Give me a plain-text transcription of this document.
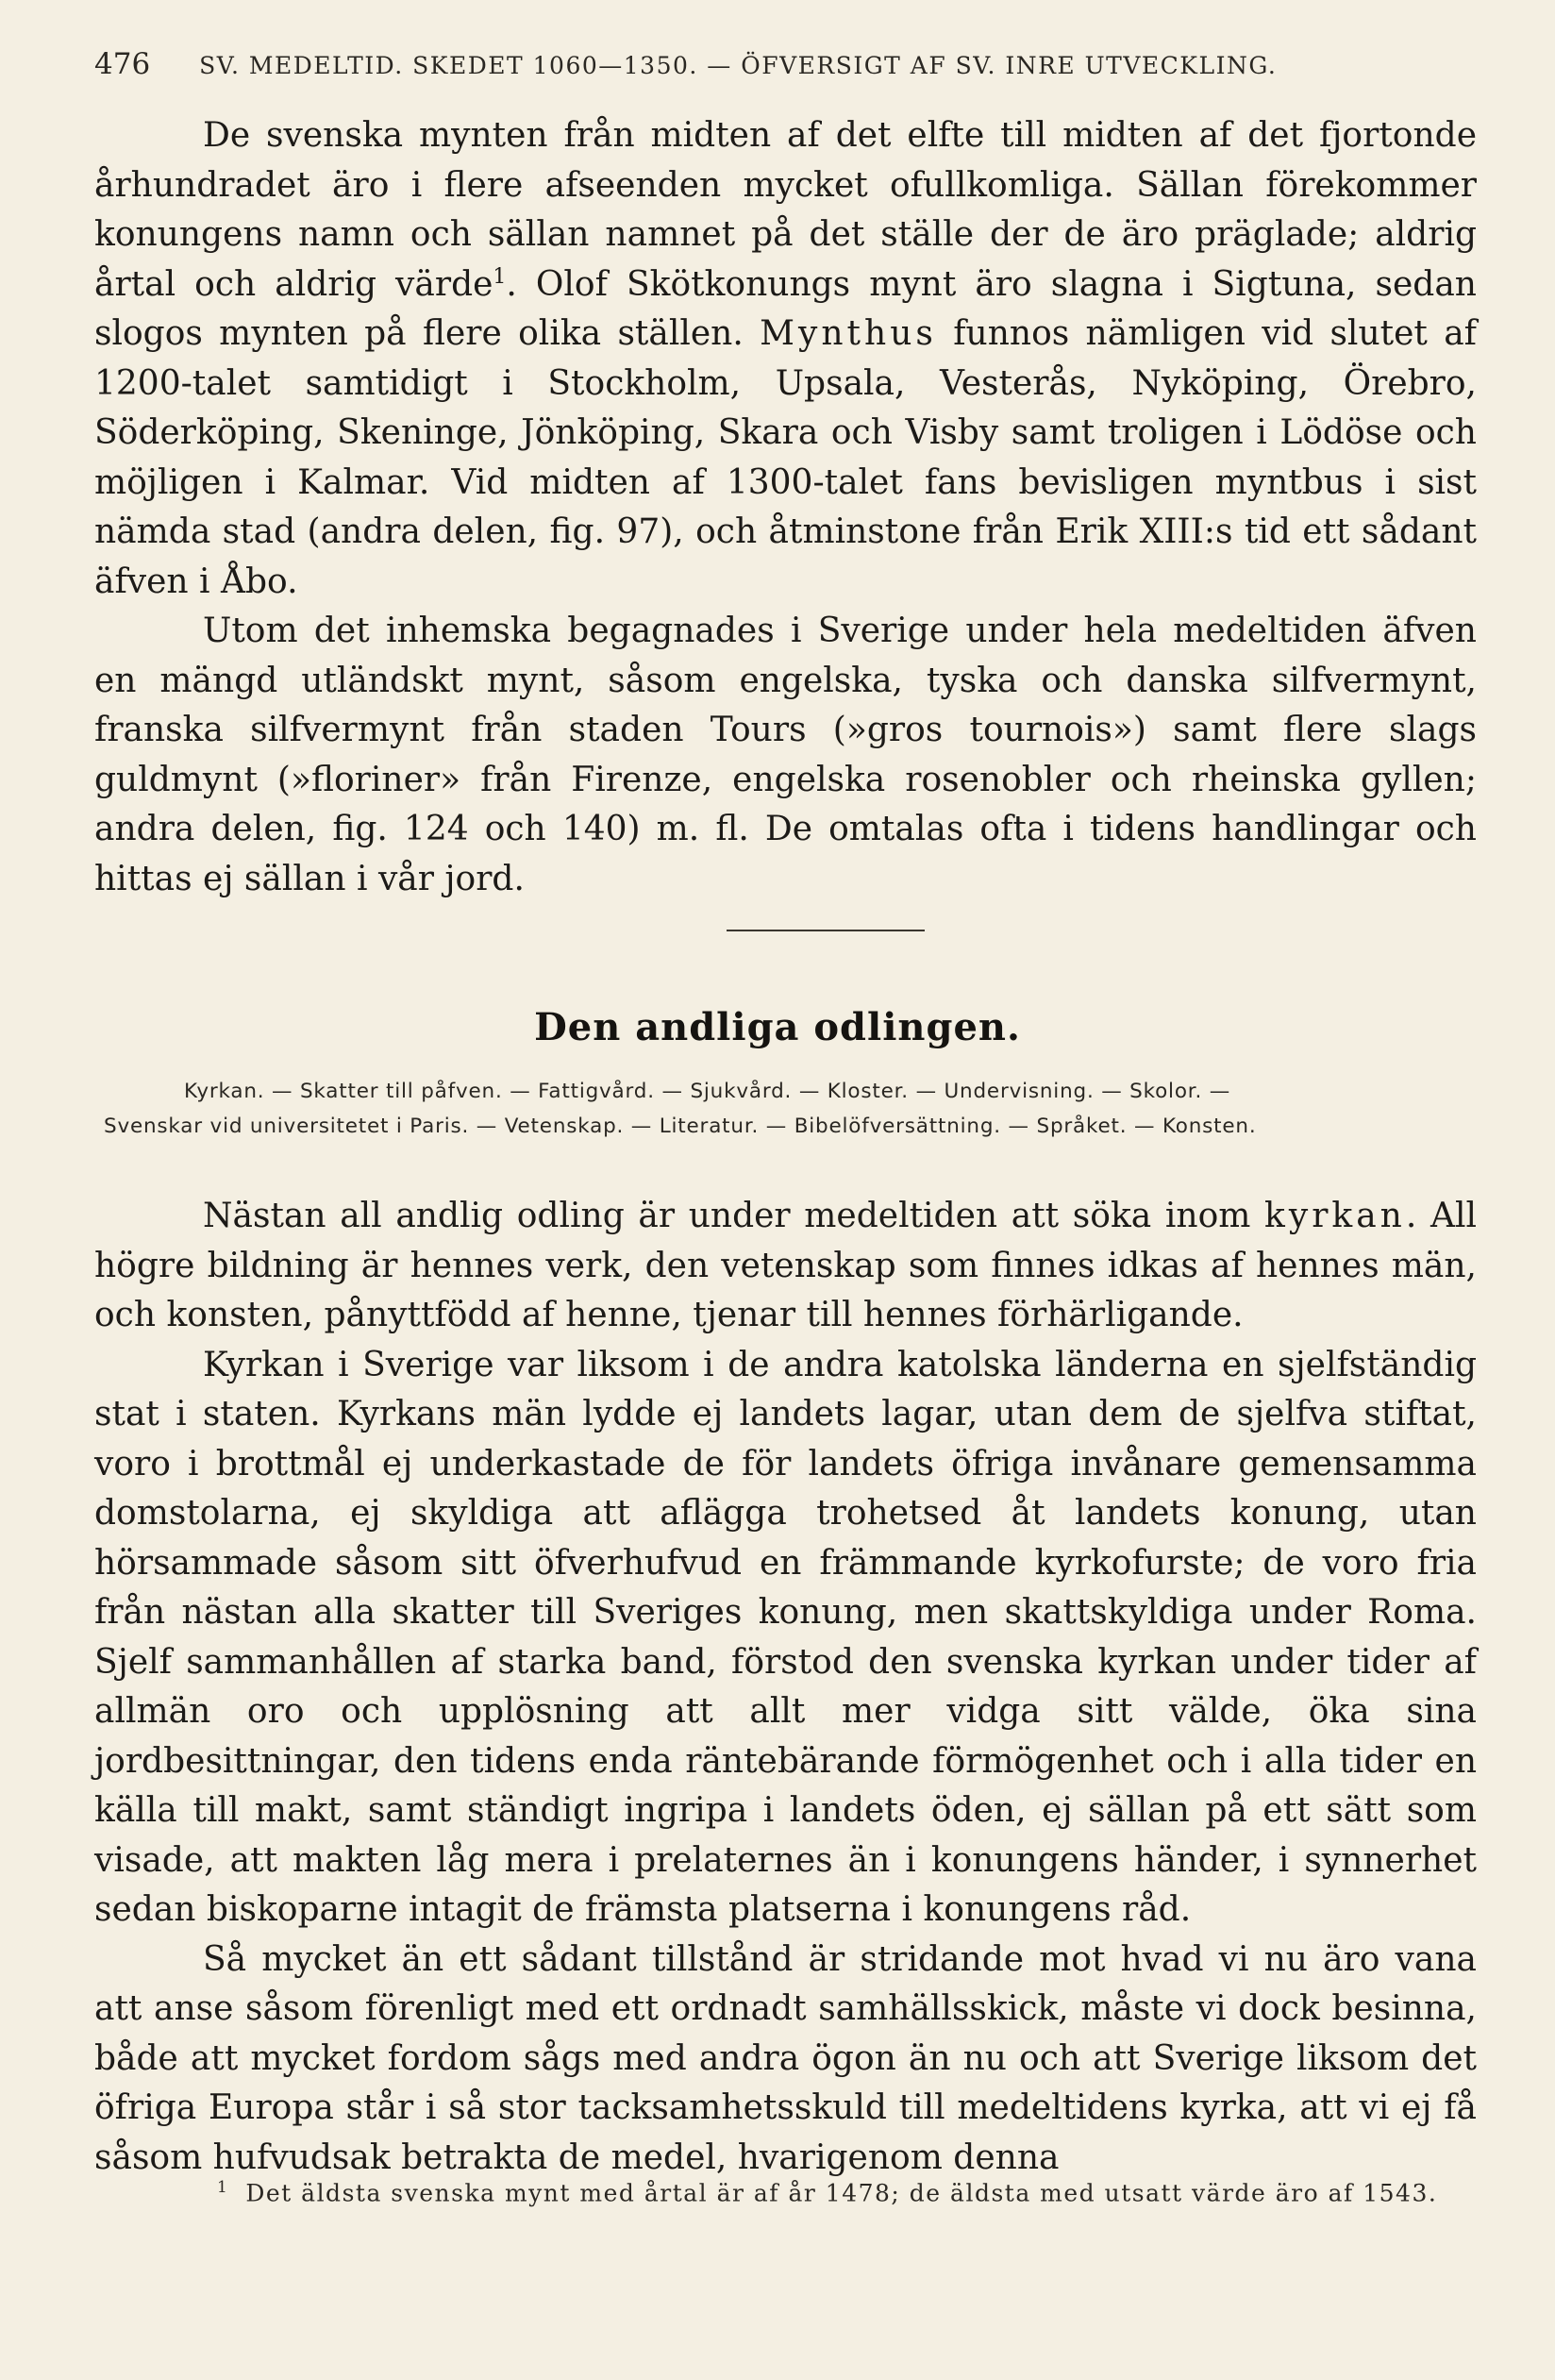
476 SV. MEDELTID. SKEDET 1060—1350. — ÖFVERSIGT AF SV. INRE UTVECKLING.

De svenska mynten från midten af det elfte till midten af det fjortonde århundradet äro i flere afseenden mycket ofullkomliga. Sällan förekommer konungens namn och sällan namnet på det ställe der de äro präglade; aldrig årtal och aldrig värde$^1$. Olof Skötkonungs mynt äro slagna i Sigtuna, sedan slogos mynten på flere olika ställen. Mynthus funnos nämligen vid slutet af 1200-talet samtidigt i Stockholm, Upsala, Vesterås, Nyköping, Örebro, Söderköping, Skeninge, Jönköping, Skara och Visby samt troligen i Lödöse och möjligen i Kalmar. Vid midten af 1300-talet fans bevisligen myntbus i sist nämda stad (andra delen, fig. 97), och åtminstone från Erik XIII:s tid ett sådant äfven i Åbo.

Utom det inhemska begagnades i Sverige under hela medeltiden äfven en mängd utländskt mynt, såsom engelska, tyska och danska silfvermynt, franska silfvermynt från staden Tours (»gros tournois») samt flere slags guldmynt (»floriner» från Firenze, engelska rosenobler och rheinska gyllen; andra delen, fig. 124 och 140) m. fl. De omtalas ofta i tidens handlingar och hittas ej sällan i vår jord.

Den andliga odlingen.
Kyrkan. — Skatter till påfven. — Fattigvård. — Sjukvård. — Kloster. — Undervisning. — Skolor. —
Svenskar vid universitetet i Paris. — Vetenskap. — Literatur. — Bibelöfversättning. — Språket. — Konsten.

Nästan all andlig odling är under medeltiden att söka inom kyrkan. All högre bildning är hennes verk, den vetenskap som finnes idkas af hennes män, och konsten, pånyttfödd af henne, tjenar till hennes förhärligande.

Kyrkan i Sverige var liksom i de andra katolska länderna en sjelfständig stat i staten. Kyrkans män lydde ej landets lagar, utan dem de sjelfva stiftat, voro i brottmål ej underkastade de för landets öfriga invånare gemensamma domstolarna, ej skyldiga att aflägga trohetsed åt landets konung, utan hörsammade såsom sitt öfverhufvud en främmande kyrkofurste; de voro fria från nästan alla skatter till Sveriges konung, men skattskyldiga under Roma. Sjelf sammanhållen af starka band, förstod den svenska kyrkan under tider af allmän oro och upplösning att allt mer vidga sitt välde, öka sina jordbesittningar, den tidens enda räntebärande förmögenhet och i alla tider en källa till makt, samt ständigt ingripa i landets öden, ej sällan på ett sätt som visade, att makten låg mera i prelaternes än i konungens händer, i synnerhet sedan biskoparne intagit de främsta platserna i konungens råd.

Så mycket än ett sådant tillstånd är stridande mot hvad vi nu äro vana att anse såsom förenligt med ett ordnadt samhällsskick, måste vi dock besinna, både att mycket fordom sågs med andra ögon än nu och att Sverige liksom det öfriga Europa står i så stor tacksamhetsskuld till medeltidens kyrka, att vi ej få såsom hufvudsak betrakta de medel, hvarigenom denna

$^1$ Det äldsta svenska mynt med årtal är af år 1478; de äldsta med utsatt värde äro af 1543.
